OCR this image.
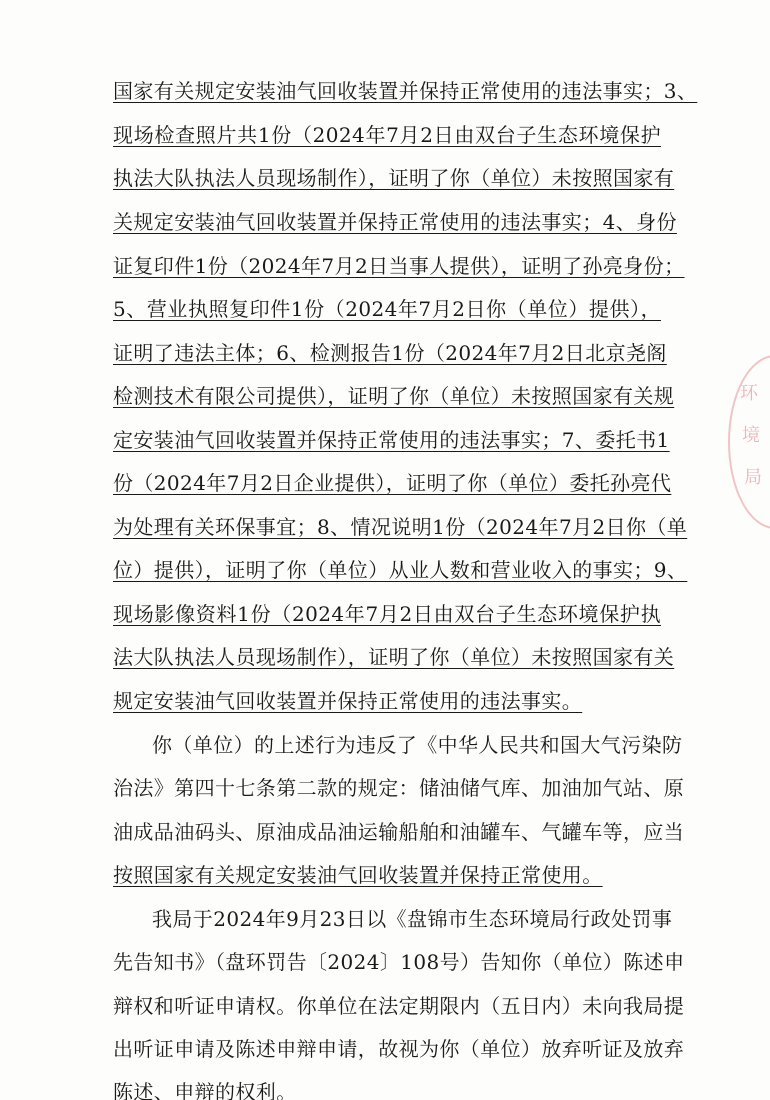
国家有关规定安装油气回收装置并保持正常使用的违法事实；3、
现场检查照片共1份（2024年7月2日由双台子生态环境保护
执法大队执法人员现场制作），证明了你（单位）未按照国家有
关规定安装油气回收装置并保持正常使用的违法事实；4、身份
证复印件1份（2024年7月2日当事人提供），证明了孙亮身份；
5、营业执照复印件1份（2024年7月2日你（单位）提供），
证明了违法主体；6、检测报告1份（2024年7月2日北京尧阁
检测技术有限公司提供），证明了你（单位）未按照国家有关规
定安装油气回收装置并保持正常使用的违法事实；7、委托书1
份（2024年7月2日企业提供），证明了你（单位）委托孙亮代
为处理有关环保事宜；8、情况说明1份（2024年7月2日你（单
位）提供），证明了你（单位）从业人数和营业收入的事实；9、
现场影像资料1份（2024年7月2日由双台子生态环境保护执
法大队执法人员现场制作），证明了你（单位）未按照国家有关
规定安装油气回收装置并保持正常使用的违法事实。
你（单位）的上述行为违反了《中华人民共和国大气污染防
治法》第四十七条第二款的规定：储油储气库、加油加气站、原
油成品油码头、原油成品油运输船舶和油罐车、气罐车等，应当
按照国家有关规定安装油气回收装置并保持正常使用。
我局于2024年9月23日以《盘锦市生态环境局行政处罚事
先告知书》（盘环罚告〔2024〕108号）告知你（单位）陈述申
辩权和听证申请权。你单位在法定期限内（五日内）未向我局提
出听证申请及陈述申辩申请，故视为你（单位）放弃听证及放弃
陈述、申辩的权利。
环
境
局
